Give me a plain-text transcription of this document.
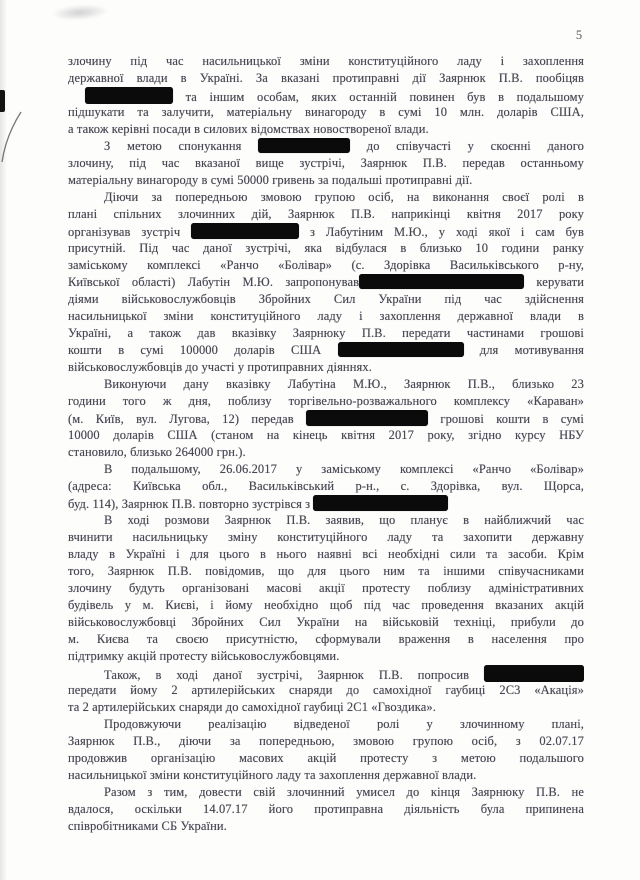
5
злочину під час насильницької зміни конституційного ладу і захоплення
державної влади в Україні. За вказані протиправні дії Заярнюк П.В. пообіцяв
та іншим особам, яких останній повинен був в подальшому
підшукати та залучити, матеріальну винагороду в сумі 10 млн. доларів США,
а також керівні посади в силових відомствах новоствореної влади.
З метою спонукання	до співучасті у скоєнні даного
злочину, під час вказаної вище зустрічі, Заярнюк П.В. передав останньому
матеріальну винагороду в сумі 50000 гривень за подальші протиправні дії.
Діючи за попередньою змовою групою осіб, на виконання своєї ролі в
плані спільних злочинних дій, Заярнюк П.В. наприкінці квітня 2017 року
організував зустріч	з Лабутіним М.Ю., у ході якої і сам був
присутній. Під час даної зустрічі, яка відбулася в близько 10 години ранку
заміському комплексі «Ранчо «Болівар» (с. Здорівка Васильківського р-ну,
Київської області) Лабутін М.Ю. запропонував	керувати
діями військовослужбовців Збройних Сил України під час здійснення
насильницької зміни конституційного ладу і захоплення державної влади в
Україні, а також дав вказівку Заярнюку П.В. передати частинами грошові
кошти в сумі 100000 доларів США	для мотивування
військовослужбовців до участі у протиправних діяннях.
Виконуючи дану вказівку Лабутіна М.Ю., Заярнюк П.В., близько 23
години того ж дня, поблизу торгівельно-розважального комплексу «Караван»
(м. Київ, вул. Лугова, 12) передав	грошові кошти в сумі
10000 доларів США (станом на кінець квітня 2017 року, згідно курсу НБУ
становило, близько 264000 грн.).
В подальшому, 26.06.2017 у заміському комплексі «Ранчо «Болівар»
(адреса: Київська обл., Васильківський р-н., с. Здорівка, вул. Щорса,
буд. 114), Заярнюк П.В. повторно зустрівся з
В ході розмови Заярнюк П.В. заявив, що планує в найближчий час
вчинити насильницьку зміну конституційного ладу та захопити державну
владу в Україні і для цього в нього наявні всі необхідні сили та засоби. Крім
того, Заярнюк П.В. повідомив, що для цього ним та іншими співучасниками
злочину будуть організовані масові акції протесту поблизу адміністративних
будівель у м. Києві, і йому необхідно щоб під час проведення вказаних акцій
військовослужбовці Збройних Сил України на військовій техніці, прибули до
м. Києва та своєю присутністю, сформували враження в населення про
підтримку акцій протесту військовослужбовцями.
Також, в ході даної зустрічі, Заярнюк П.В. попросив
передати йому 2 артилерійських снаряди до самохідної гаубиці 2С3 «Акація»
та 2 артилерійських снаряди до самохідної гаубиці 2С1 «Гвоздика».
Продовжуючи реалізацію відведеної ролі у злочинному плані,
Заярнюк П.В., діючи за попередньою, змовою групою осіб, з 02.07.17
продовжив організацію масових акцій протесту з метою подальшого
насильницької зміни конституційного ладу та захоплення державної влади.
Разом з тим, довести свій злочинний умисел до кінця Заярнюку П.В. не
вдалося, оскільки 14.07.17 його протиправна діяльність була припинена
співробітниками СБ України.
